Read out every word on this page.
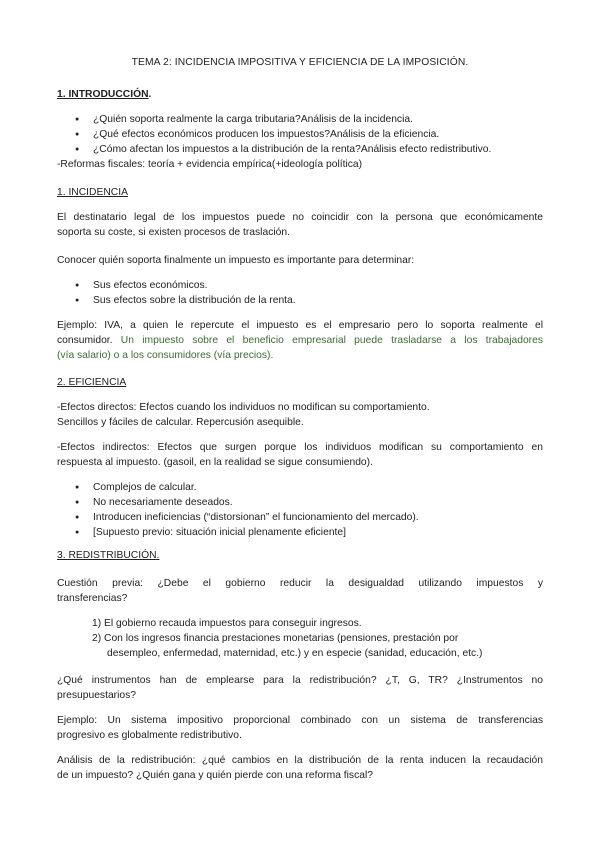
TEMA 2: INCIDENCIA IMPOSITIVA Y EFICIENCIA DE LA IMPOSICIÓN.
1. INTRODUCCIÓN.
● ¿Quién soporta realmente la carga tributaria?Análisis de la incidencia.
● ¿Qué efectos económicos producen los impuestos?Análisis de la eficiencia.
● ¿Cómo afectan los impuestos a la distribución de la renta?Análisis efecto redistributivo.
-Reformas fiscales: teoría + evidencia empírica(+ideología política)
1. INCIDENCIA
El destinatario legal de los impuestos puede no coincidir con la persona que económicamente
soporta su coste, si existen procesos de traslación.
Conocer quién soporta finalmente un impuesto es importante para determinar:
● Sus efectos económicos.
● Sus efectos sobre la distribución de la renta.
Ejemplo: IVA, a quien le repercute el impuesto es el empresario pero lo soporta realmente el
consumidor. Un impuesto sobre el beneficio empresarial puede trasladarse a los trabajadores
(vía salario) o a los consumidores (vía precios).
2. EFICIENCIA
-Efectos directos: Efectos cuando los individuos no modifican su comportamiento.
Sencillos y fáciles de calcular. Repercusión asequible.
-Efectos indirectos: Efectos que surgen porque los individuos modifican su comportamiento en
respuesta al impuesto. (gasoil, en la realidad se sigue consumiendo).
● Complejos de calcular.
● No necesariamente deseados.
● Introducen ineficiencias (“distorsionan” el funcionamiento del mercado).
● [Supuesto previo: situación inicial plenamente eficiente]
3. REDISTRIBUCIÓN.
Cuestión previa: ¿Debe el gobierno reducir la desigualdad utilizando impuestos y
transferencias?
1) El gobierno recauda impuestos para conseguir ingresos.
2) Con los ingresos financia prestaciones monetarias (pensiones, prestación por
desempleo, enfermedad, maternidad, etc.) y en especie (sanidad, educación, etc.)
¿Qué instrumentos han de emplearse para la redistribución? ¿T, G, TR? ¿Instrumentos no
presupuestarios?
Ejemplo: Un sistema impositivo proporcional combinado con un sistema de transferencias
progresivo es globalmente redistributivo.
Análisis de la redistribución: ¿qué cambios en la distribución de la renta inducen la recaudación
de un impuesto? ¿Quién gana y quién pierde con una reforma fiscal?
